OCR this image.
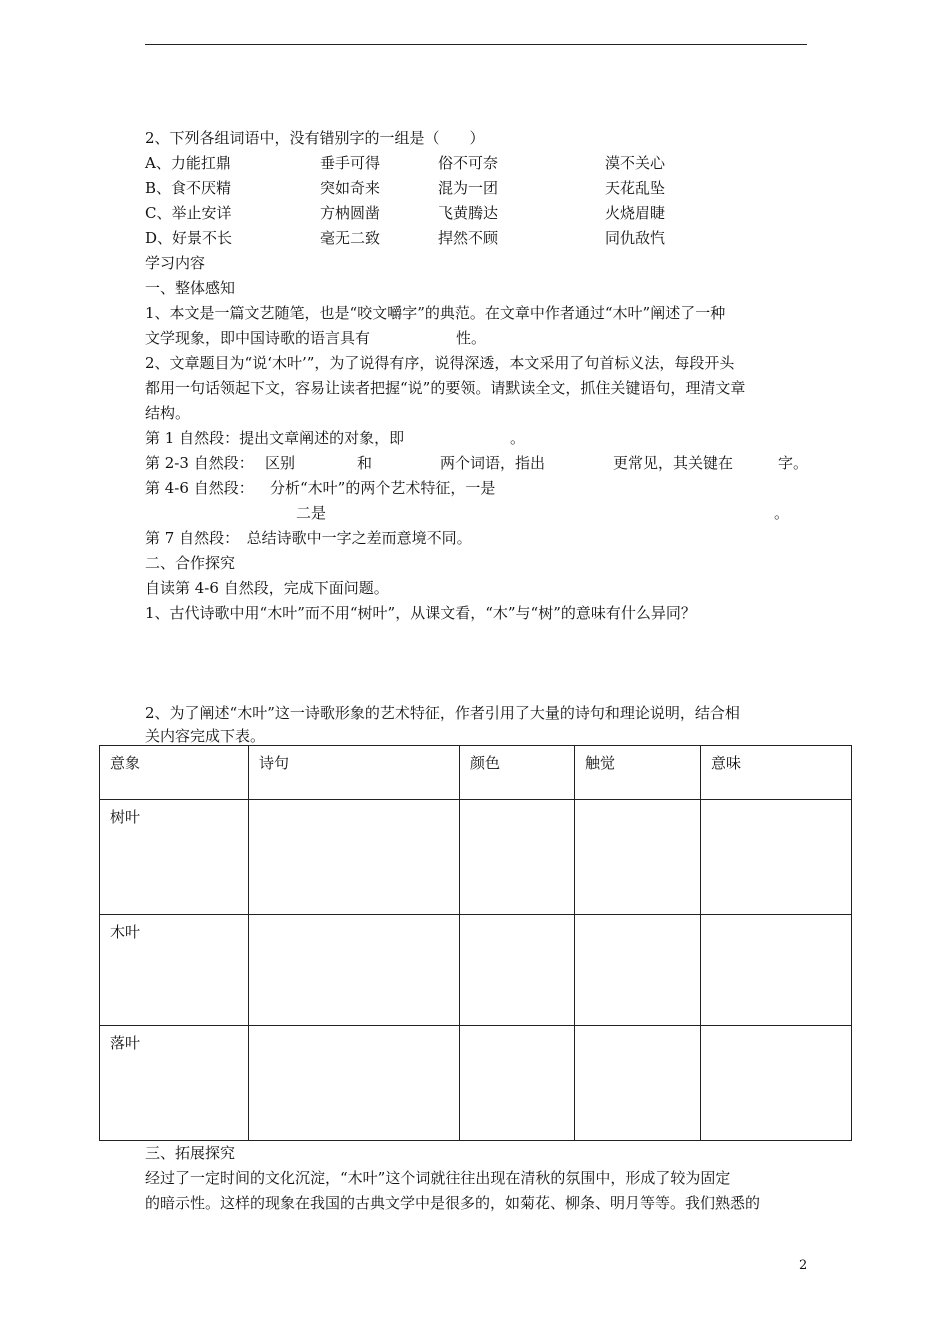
2、下列各组词语中，没有错别字的一组是（　　）
A、力能扛鼎	垂手可得	俗不可奈	漠不关心
B、食不厌精	突如奇来	混为一团	天花乱坠
C、举止安详	方枘圆凿	飞黄腾达	火烧眉睫
D、好景不长	毫无二致	捍然不顾	同仇敌忾
学习内容
一、整体感知
1、本文是一篇文艺随笔，也是“咬文嚼字”的典范。在文章中作者通过“木叶”阐述了一种
文学现象，即中国诗歌的语言具有	性。
2、文章题目为“说‘木叶’”，为了说得有序，说得深透，本文采用了句首标义法，每段开头
都用一句话领起下文，容易让读者把握“说”的要领。请默读全文，抓住关键语句，理清文章
结构。
第 1 自然段：提出文章阐述的对象，即	。
第 2-3 自然段： 区别	和	两个词语，指出	更常见，其关键在	字。
第 4-6 自然段： 分析“木叶”的两个艺术特征，一是
二是	。
第 7 自然段：　总结诗歌中一字之差而意境不同。
二、合作探究
自读第 4-6 自然段，完成下面问题。
1、古代诗歌中用“木叶”而不用“树叶”，从课文看，“木”与“树”的意味有什么异同？
2、为了阐述“木叶”这一诗歌形象的艺术特征，作者引用了大量的诗句和理论说明，结合相
关内容完成下表。
意象	诗句	颜色	触觉	意味
树叶				
木叶				
落叶				
三、拓展探究
经过了一定时间的文化沉淀，“木叶”这个词就往往出现在清秋的氛围中，形成了较为固定
的暗示性。这样的现象在我国的古典文学中是很多的，如菊花、柳条、明月等等。我们熟悉的
2
